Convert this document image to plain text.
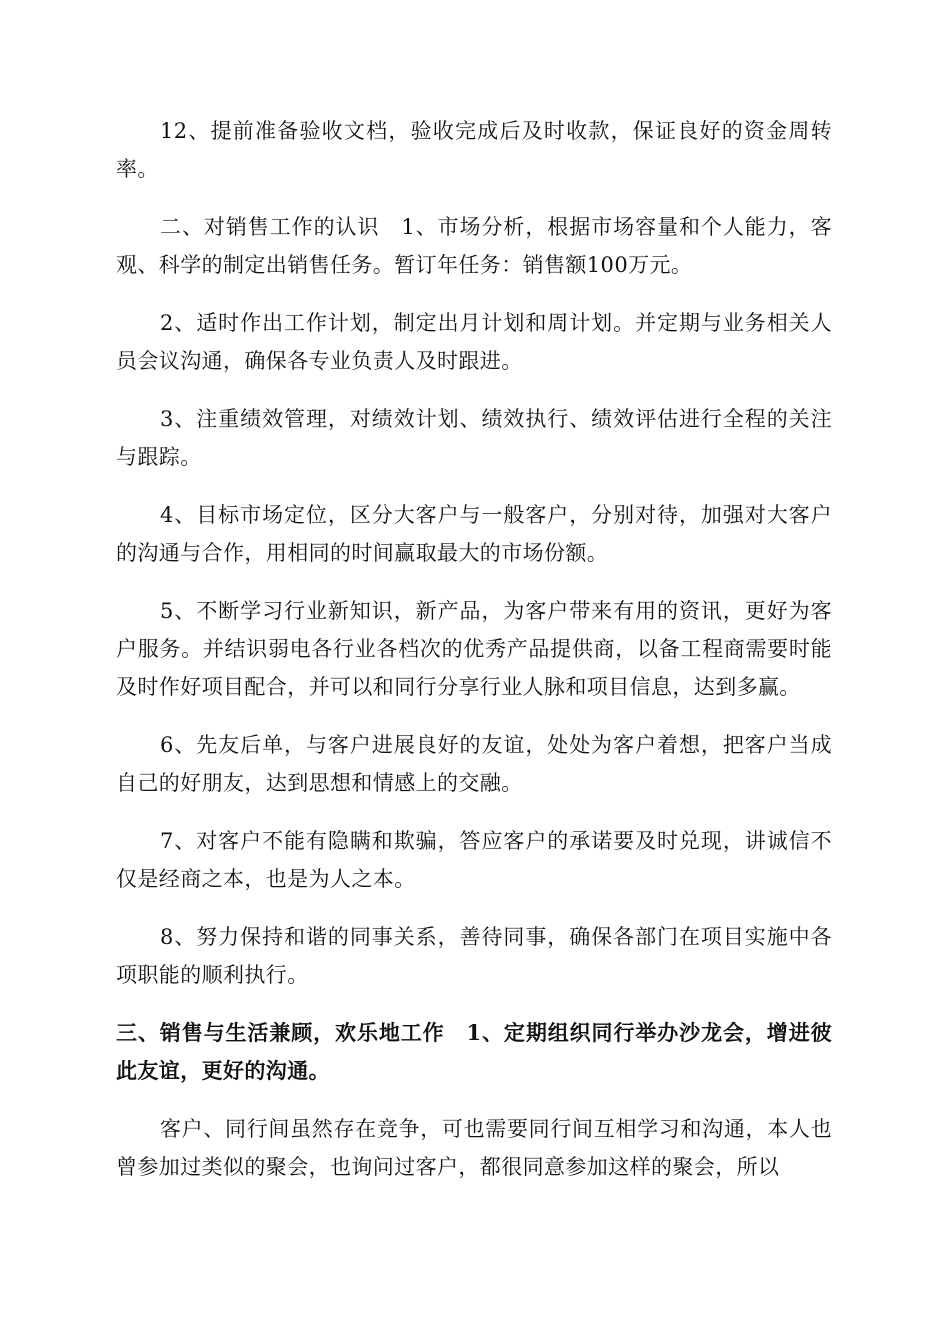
12、提前准备验收文档，验收完成后及时收款，保证良好的资金周转率。

二、对销售工作的认识　1、市场分析，根据市场容量和个人能力，客观、科学的制定出销售任务。暂订年任务：销售额100万元。

2、适时作出工作计划，制定出月计划和周计划。并定期与业务相关人员会议沟通，确保各专业负责人及时跟进。

3、注重绩效管理，对绩效计划、绩效执行、绩效评估进行全程的关注与跟踪。

4、目标市场定位，区分大客户与一般客户，分别对待，加强对大客户的沟通与合作，用相同的时间赢取最大的市场份额。

5、不断学习行业新知识，新产品，为客户带来有用的资讯，更好为客户服务。并结识弱电各行业各档次的优秀产品提供商，以备工程商需要时能及时作好项目配合，并可以和同行分享行业人脉和项目信息，达到多赢。

6、先友后单，与客户进展良好的友谊，处处为客户着想，把客户当成自己的好朋友，达到思想和情感上的交融。

7、对客户不能有隐瞒和欺骗，答应客户的承诺要及时兑现，讲诚信不仅是经商之本，也是为人之本。

8、努力保持和谐的同事关系，善待同事，确保各部门在项目实施中各项职能的顺利执行。

三、销售与生活兼顾，欢乐地工作　1、定期组织同行举办沙龙会，增进彼此友谊，更好的沟通。

客户、同行间虽然存在竞争，可也需要同行间互相学习和沟通，本人也曾参加过类似的聚会，也询问过客户，都很同意参加这样的聚会，所以
